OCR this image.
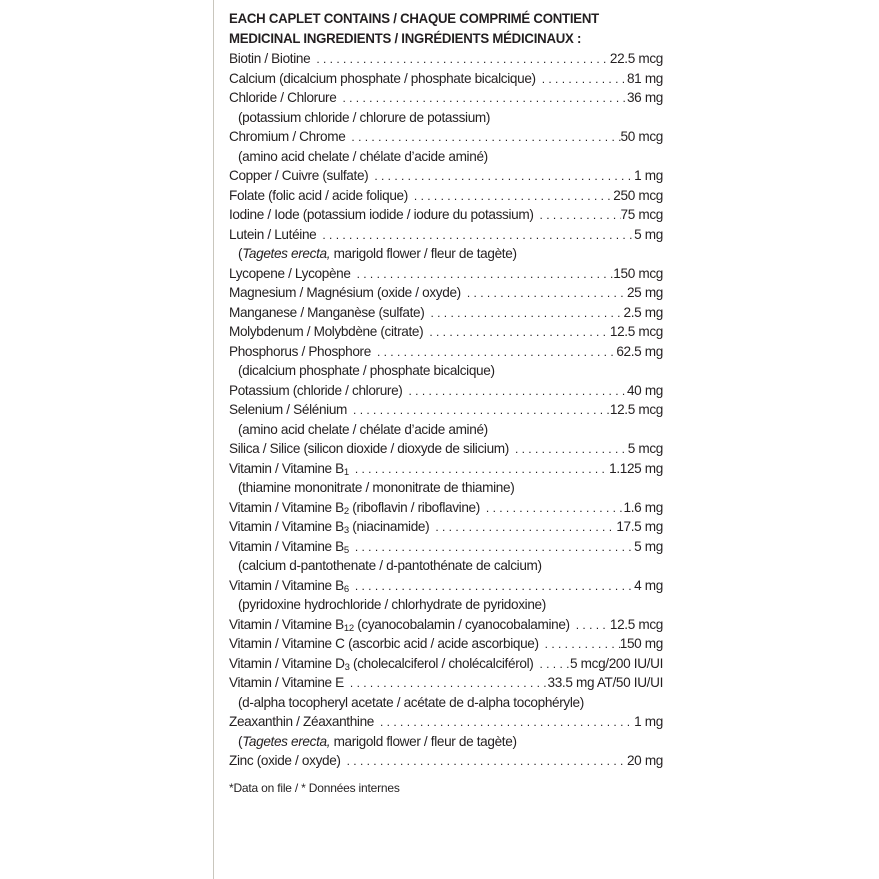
EACH CAPLET CONTAINS / CHAQUE COMPRIMÉ CONTIENT
MEDICINAL INGREDIENTS / INGRÉDIENTS MÉDICINAUX :
Biotin / Biotine . . .	22.5 mcg
Calcium (dicalcium phosphate / phosphate bicalcique) . . .	81 mg
Chloride / Chlorure . . .	36 mg
(potassium chloride / chlorure de potassium)
Chromium / Chrome . . .	50 mcg
(amino acid chelate / chélate d’acide aminé)
Copper / Cuivre (sulfate) . . .	1 mg
Folate (folic acid / acide folique) . . .	250 mcg
Iodine / Iode (potassium iodide / iodure du potassium) . . .	75 mcg
Lutein / Lutéine . . .	5 mg
(Tagetes erecta, marigold flower / fleur de tagète)
Lycopene / Lycopène . . .	150 mcg
Magnesium / Magnésium (oxide / oxyde) . . .	25 mg
Manganese / Manganèse (sulfate) . . .	2.5 mg
Molybdenum / Molybdène (citrate) . . .	12.5 mcg
Phosphorus / Phosphore . . .	62.5 mg
(dicalcium phosphate / phosphate bicalcique)
Potassium (chloride / chlorure) . . .	40 mg
Selenium / Sélénium . . .	12.5 mcg
(amino acid chelate / chélate d’acide aminé)
Silica / Silice (silicon dioxide / dioxyde de silicium) . . .	5 mcg
Vitamin / Vitamine $B_1$ . . .	1.125 mg
(thiamine mononitrate / mononitrate de thiamine)
Vitamin / Vitamine $B_2$ (riboflavin / riboflavine) . . .	1.6 mg
Vitamin / Vitamine $B_3$ (niacinamide) . . .	17.5 mg
Vitamin / Vitamine $B_5$ . . .	5 mg
(calcium d-pantothenate / d-pantothénate de calcium)
Vitamin / Vitamine $B_6$ . . .	4 mg
(pyridoxine hydrochloride / chlorhydrate de pyridoxine)
Vitamin / Vitamine $B_{12}$ (cyanocobalamin / cyanocobalamine) . . .	12.5 mcg
Vitamin / Vitamine C (ascorbic acid / acide ascorbique) . . .	150 mg
Vitamin / Vitamine $D_3$ (cholecalciferol / cholécalciférol) . . .	5 mcg/200 IU/UI
Vitamin / Vitamine E . . .	33.5 mg AT/50 IU/UI
(d-alpha tocopheryl acetate / acétate de d-alpha tocophéryle)
Zeaxanthin / Zéaxanthine . . .	1 mg
(Tagetes erecta, marigold flower / fleur de tagète)
Zinc (oxide / oxyde) . . .	20 mg
*Data on file / * Données internes
